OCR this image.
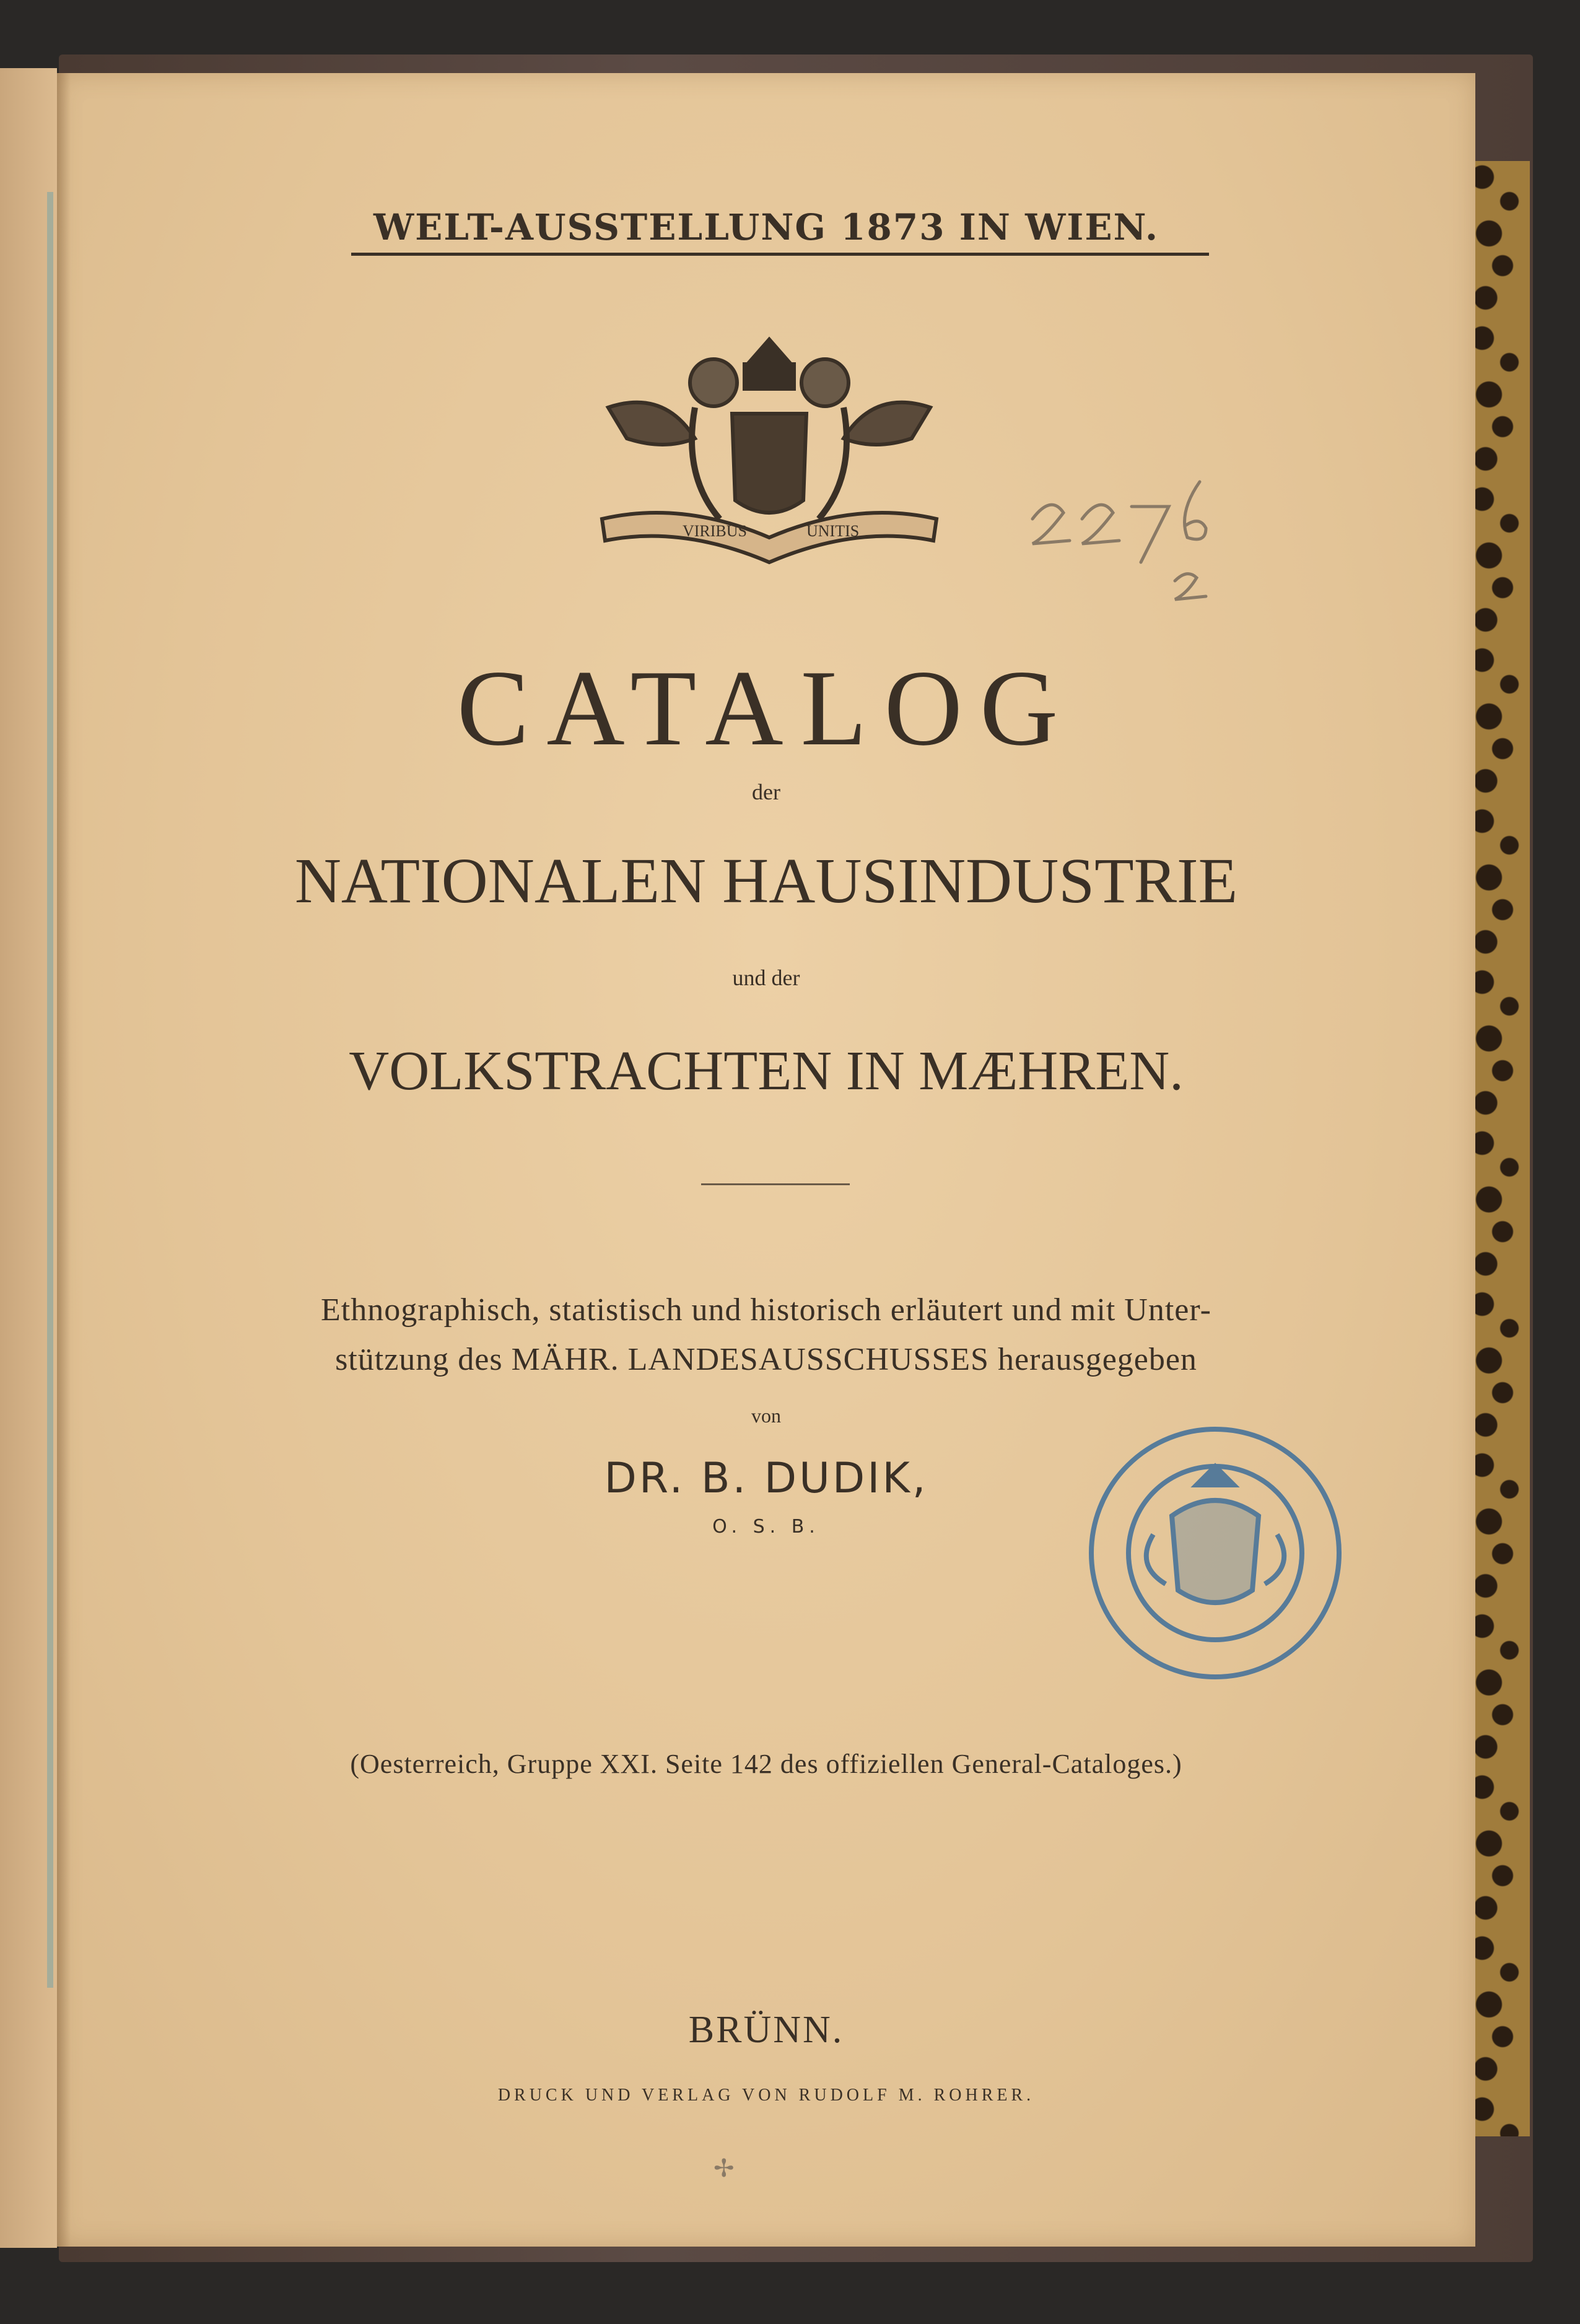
WELT-AUSSTELLUNG 1873 IN WIEN.
VIRIBUS	UNITIS
CATALOG
der
NATIONALEN HAUSINDUSTRIE
und der
VOLKSTRACHTEN IN MÆHREN.
Ethnographisch, statistisch und historisch erläutert und mit Unter-
stützung des MÄHR. LANDESAUSSCHUSSES herausgegeben
von
DR. B. DUDIK,
O. S. B.
(Oesterreich, Gruppe XXI. Seite 142 des offiziellen General-Cataloges.)
BRÜNN.
DRUCK UND VERLAG VON RUDOLF M. ROHRER.
✢
